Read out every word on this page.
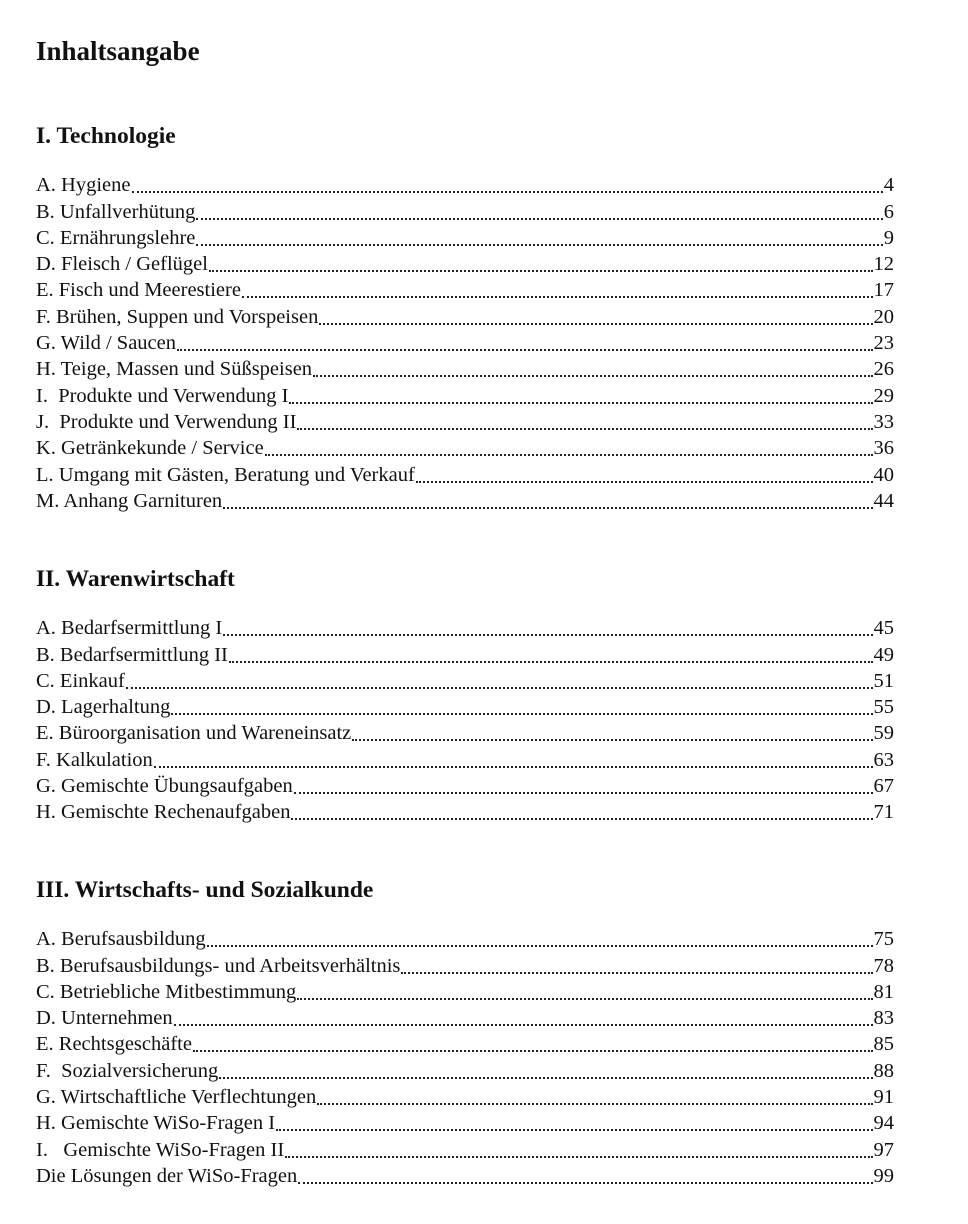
Inhaltsangabe
I. Technologie
A. Hygiene	4
B. Unfallverhütung	6
C. Ernährungslehre	9
D. Fleisch / Geflügel	12
E. Fisch und Meerestiere	17
F. Brühen, Suppen und Vorspeisen	20
G. Wild / Saucen	23
H. Teige, Massen und Süßspeisen	26
I.  Produkte und Verwendung I	29
J.  Produkte und Verwendung II	33
K. Getränkekunde / Service	36
L. Umgang mit Gästen, Beratung und Verkauf	40
M. Anhang Garnituren	44
II. Warenwirtschaft
A. Bedarfsermittlung I	45
B. Bedarfsermittlung II	49
C. Einkauf	51
D. Lagerhaltung	55
E. Büroorganisation und Wareneinsatz	59
F. Kalkulation	63
G. Gemischte Übungsaufgaben	67
H. Gemischte Rechenaufgaben	71
III. Wirtschafts- und Sozialkunde
A. Berufsausbildung	75
B. Berufsausbildungs- und Arbeitsverhältnis	78
C. Betriebliche Mitbestimmung	81
D. Unternehmen	83
E. Rechtsgeschäfte	85
F.  Sozialversicherung	88
G. Wirtschaftliche Verflechtungen	91
H. Gemischte WiSo-Fragen I	94
I.   Gemischte WiSo-Fragen II	97
Die Lösungen der WiSo-Fragen	99
